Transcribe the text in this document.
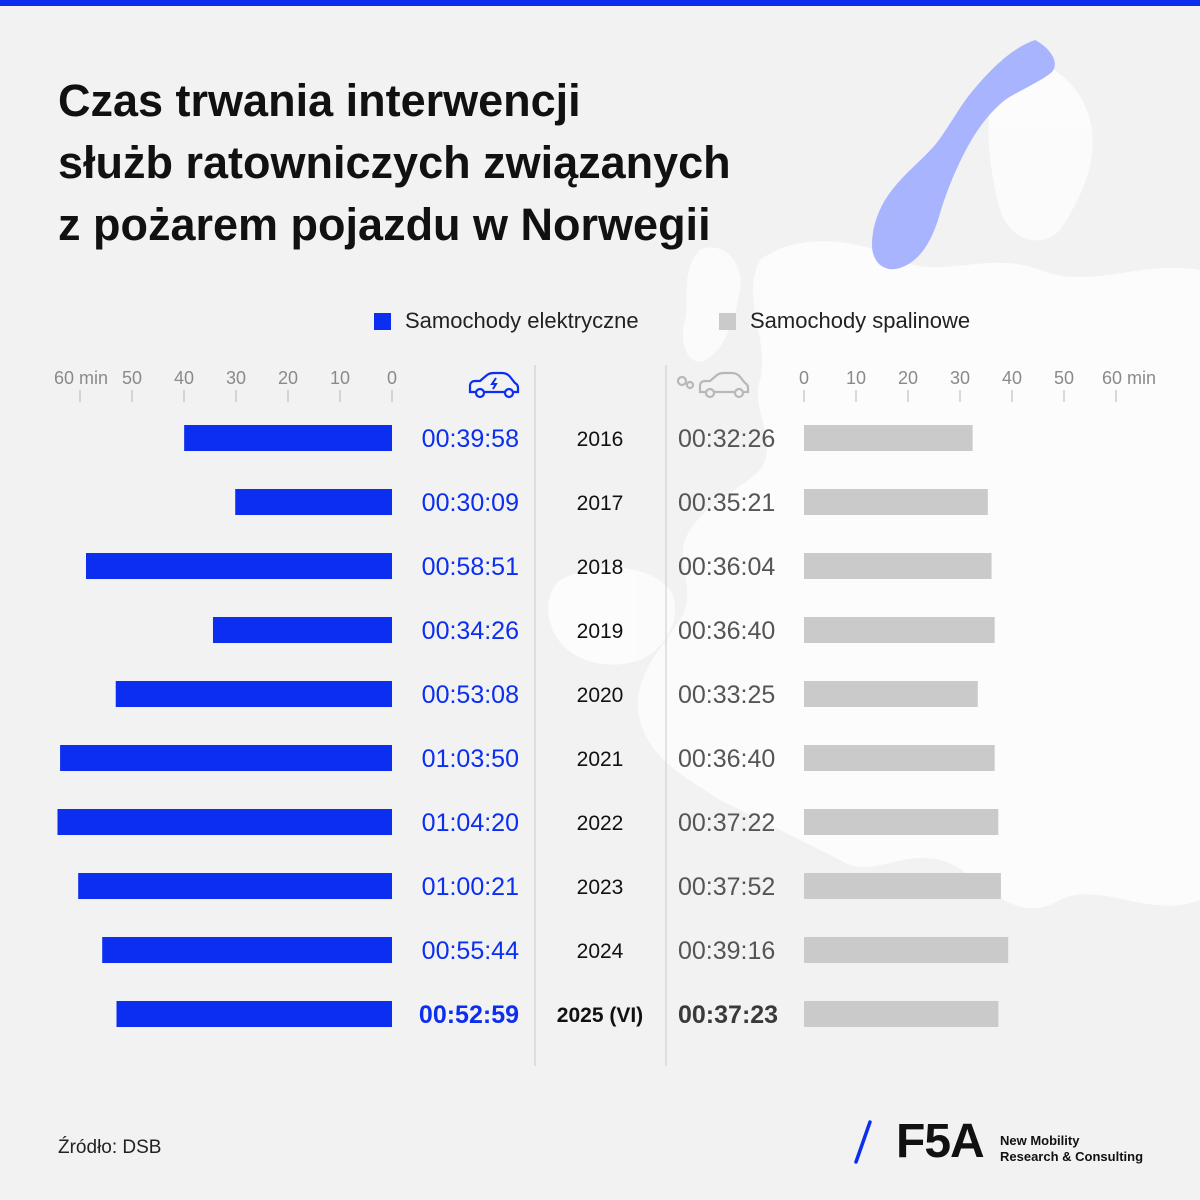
Czas trwania interwencji
służb ratowniczych związanych
z pożarem pojazdu w Norwegii
Samochody elektryczne	Samochody spalinowe
60 min 50 40 30 20 10 0	0 10 20 30 40 50 60 min
00:39:58	2016 00:32:26
00:30:09	2017 00:35:21
00:58:51	2018 00:36:04
00:34:26	2019 00:36:40
00:53:08	2020 00:33:25
01:03:50	2021 00:36:40
01:04:20	2022 00:37:22
01:00:21	2023 00:37:52
00:55:44	2024 00:39:16
00:52:59 2025 (VI) 00:37:23
Źródło: DSB	F5A New Mobility
Research & Consulting
